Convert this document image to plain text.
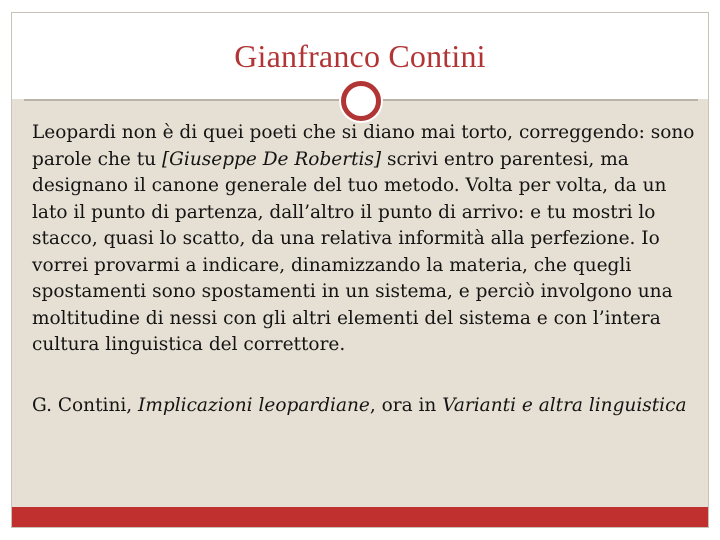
Gianfranco Contini

Leopardi non è di quei poeti che si diano mai torto, correggendo: sono parole che tu [Giuseppe De Robertis] scrivi entro parentesi, ma designano il canone generale del tuo metodo. Volta per volta, da un lato il punto di partenza, dall’altro il punto di arrivo: e tu mostri lo stacco, quasi lo scatto, da una relativa informità alla perfezione. Io vorrei provarmi a indicare, dinamizzando la materia, che quegli spostamenti sono spostamenti in un sistema, e perciò involgono una moltitudine di nessi con gli altri elementi del sistema e con l’intera cultura linguistica del correttore.

G. Contini, Implicazioni leopardiane, ora in Varianti e altra linguistica
